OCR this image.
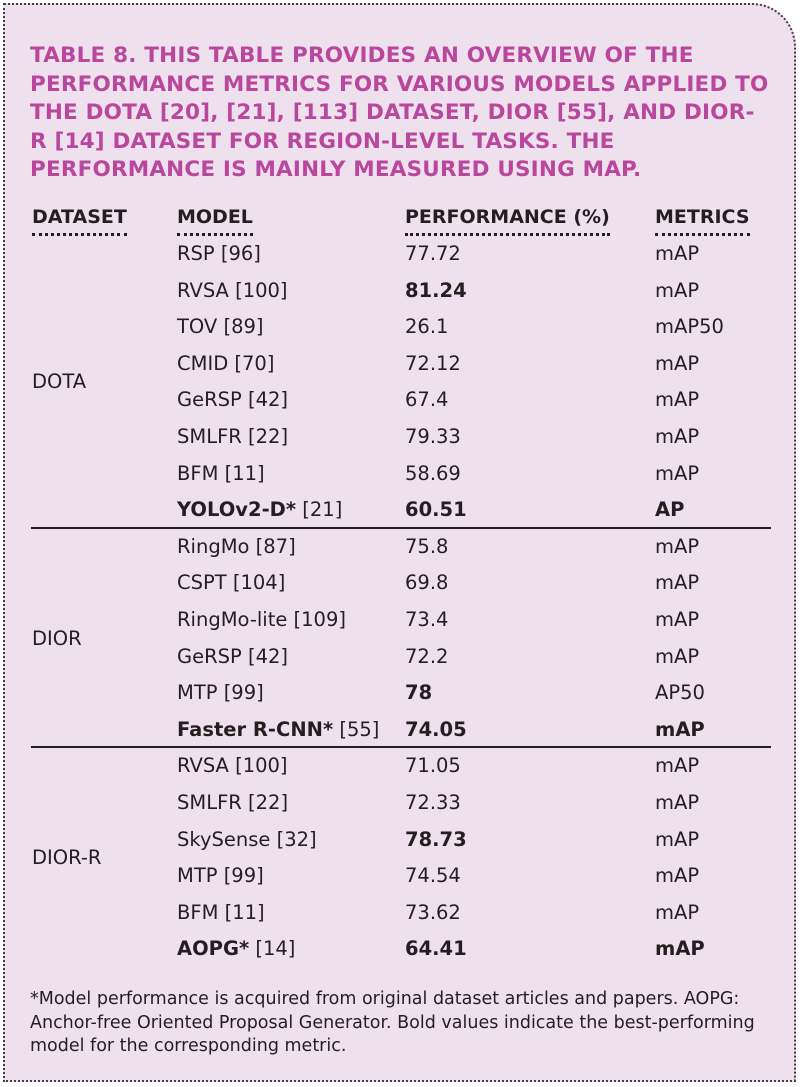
TABLE 8. THIS TABLE PROVIDES AN OVERVIEW OF THE PERFORMANCE METRICS FOR VARIOUS MODELS APPLIED TO THE DOTA [20], [21], [113] DATASET, DIOR [55], AND DIOR-R [14] DATASET FOR REGION-LEVEL TASKS. THE PERFORMANCE IS MAINLY MEASURED USING MAP.

DATASET	MODEL	PERFORMANCE (%) METRICS
RSP [96]	77.72	mAP
RVSA [100]	81.24	mAP
TOV [89]	26.1	mAP50
CMID [70]	72.12	mAP
GeRSP [42]	67.4	mAP
SMLFR [22]	79.33	mAP
BFM [11]	58.69	mAP
YOLOv2-D* [21]	60.51	AP
DOTA
RingMo [87]	75.8	mAP
CSPT [104]	69.8	mAP
RingMo-lite [109]	73.4	mAP
GeRSP [42]	72.2	mAP
MTP [99]	78	AP50
Faster R-CNN* [55] 74.05	mAP
DIOR
RVSA [100]	71.05	mAP
SMLFR [22]	72.33	mAP
SkySense [32]	78.73	mAP
MTP [99]	74.54	mAP
BFM [11]	73.62	mAP
AOPG* [14]	64.41	mAP
DIOR-R

*Model performance is acquired from original dataset articles and papers. AOPG: Anchor-free Oriented Proposal Generator. Bold values indicate the best-performing model for the corresponding metric.
